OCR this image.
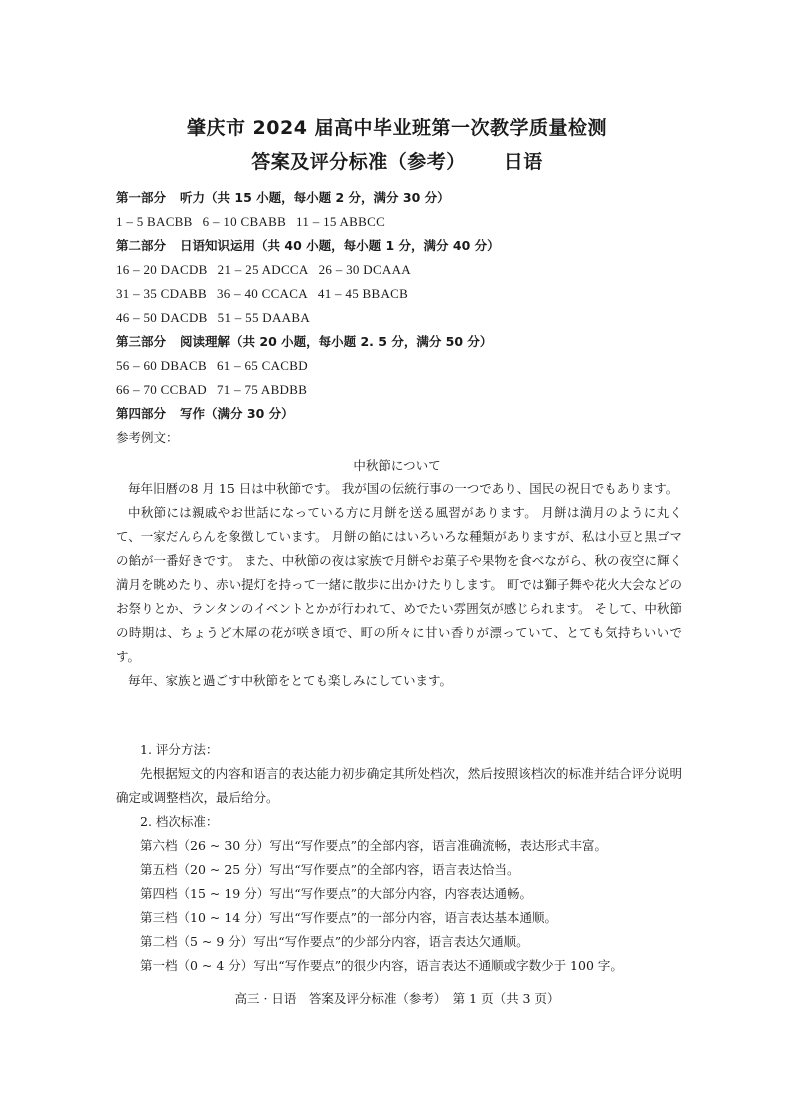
肇庆市 2024 届高中毕业班第一次教学质量检测
答案及评分标准（参考） 日语
第一部分 听力（共 15 小题，每小题 2 分，满分 30 分）
1 – 5 BACBB 6 – 10 CBABB 11 – 15 ABBCC
第二部分 日语知识运用（共 40 小题，每小题 1 分，满分 40 分）
16 – 20 DACDB 21 – 25 ADCCA 26 – 30 DCAAA
31 – 35 CDABB 36 – 40 CCACA 41 – 45 BBACB
46 – 50 DACDB 51 – 55 DAABA
第三部分 阅读理解（共 20 小题，每小题 2. 5 分，满分 50 分）
56 – 60 DBACB 61 – 65 CACBD
66 – 70 CCBAD 71 – 75 ABDBB
第四部分 写作（满分 30 分）
参考例文：
中秋節について

毎年旧暦の8 月 15 日は中秋節です。 我が国の伝統行事の一つであり、国民の祝日でもあります。

中秋節には親戚やお世話になっている方に月餅を送る風習があります。 月餅は満月のように丸くて、一家だんらんを象徴しています。 月餅の餡にはいろいろな種類がありますが、私は小豆と黒ゴマの餡が一番好きです。 また、中秋節の夜は家族で月餅やお菓子や果物を食べながら、秋の夜空に輝く満月を眺めたり、赤い提灯を持って一緒に散歩に出かけたりします。 町では獅子舞や花火大会などのお祭りとか、ランタンのイベントとかが行われて、めでたい雰囲気が感じられます。 そして、中秋節の時期は、ちょうど木犀の花が咲き頃で、町の所々に甘い香りが漂っていて、とても気持ちいいです。

毎年、家族と過ごす中秋節をとても楽しみにしています。

1. 评分方法：
先根据短文的内容和语言的表达能力初步确定其所处档次，然后按照该档次的标准并结合评分说明确定或调整档次，最后给分。
2. 档次标准：
第六档（26 ~ 30 分）写出“写作要点”的全部内容，语言准确流畅，表达形式丰富。
第五档（20 ~ 25 分）写出“写作要点”的全部内容，语言表达恰当。
第四档（15 ~ 19 分）写出“写作要点”的大部分内容，内容表达通畅。
第三档（10 ~ 14 分）写出“写作要点”的一部分内容，语言表达基本通顺。
第二档（5 ~ 9 分）写出“写作要点”的少部分内容，语言表达欠通顺。
第一档（0 ~ 4 分）写出“写作要点”的很少内容，语言表达不通顺或字数少于 100 字。
高三 · 日语　答案及评分标准（参考）　第 1 页（共 3 页）
